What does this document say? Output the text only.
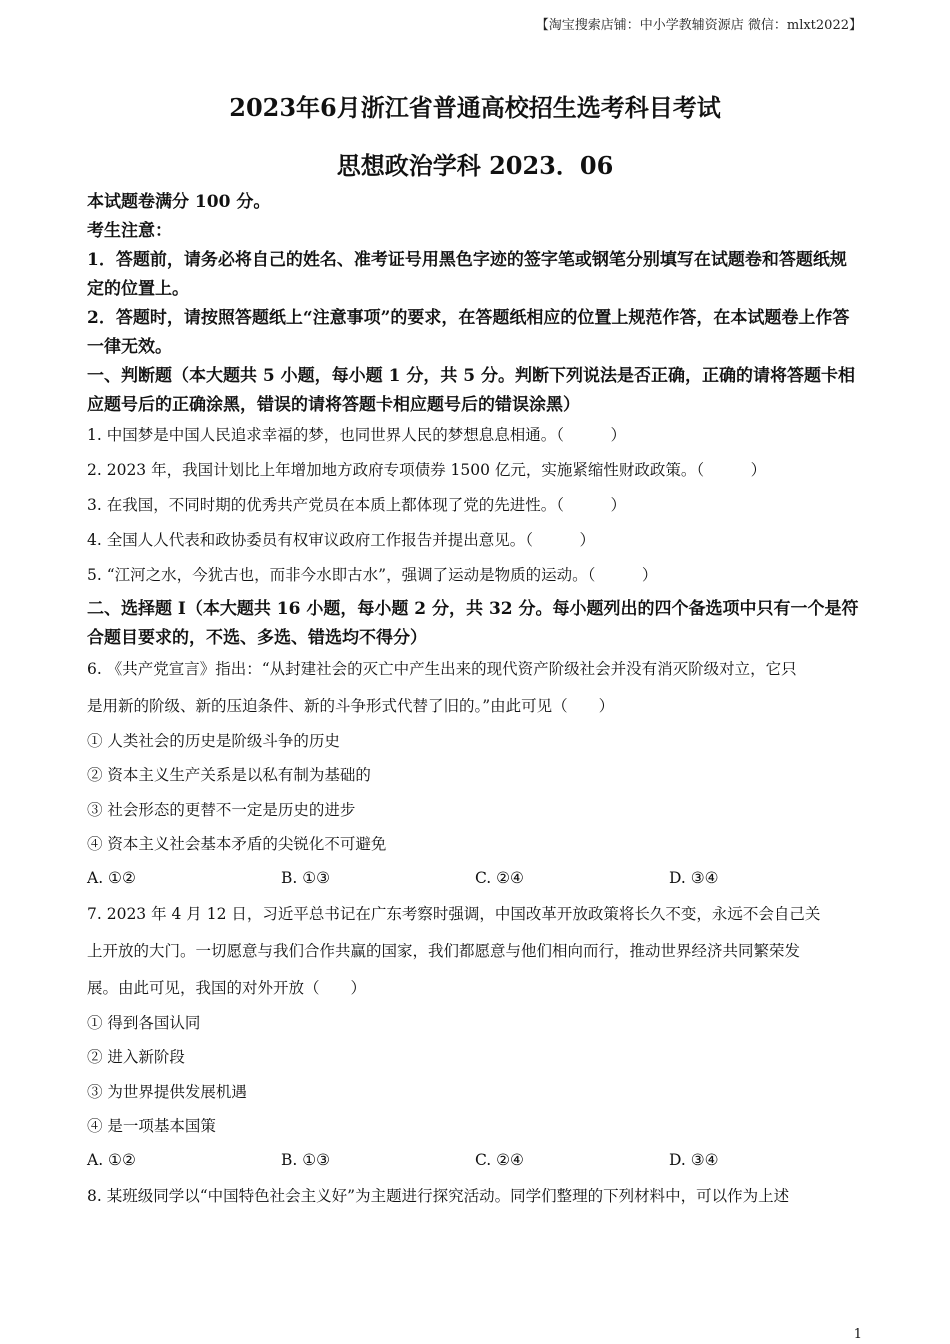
【淘宝搜索店铺：中小学教辅资源店 微信：mlxt2022】
2023年6月浙江省普通高校招生选考科目考试
思想政治学科 2023．06
本试题卷满分 100 分。
考生注意：
1．答题前，请务必将自己的姓名、准考证号用黑色字迹的签字笔或钢笔分别填写在试题卷和答题纸规定的位置上。
2．答题时，请按照答题纸上“注意事项”的要求，在答题纸相应的位置上规范作答，在本试题卷上作答一律无效。
一、判断题（本大题共 5 小题，每小题 1 分，共 5 分。判断下列说法是否正确，正确的请将答题卡相应题号后的正确涂黑，错误的请将答题卡相应题号后的错误涂黑）
1. 中国梦是中国人民追求幸福的梦，也同世界人民的梦想息息相通。（　　　）
2. 2023 年，我国计划比上年增加地方政府专项债券 1500 亿元，实施紧缩性财政政策。（　　　）
3. 在我国，不同时期的优秀共产党员在本质上都体现了党的先进性。（　　　）
4. 全国人人代表和政协委员有权审议政府工作报告并提出意见。（　　　）
5. “江河之水，今犹古也，而非今水即古水”，强调了运动是物质的运动。（　　　）
二、选择题 I（本大题共 16 小题，每小题 2 分，共 32 分。每小题列出的四个备选项中只有一个是符合题目要求的，不选、多选、错选均不得分）
6. 《共产党宣言》指出：“从封建社会的灭亡中产生出来的现代资产阶级社会并没有消灭阶级对立，它只
是用新的阶级、新的压迫条件、新的斗争形式代替了旧的。”由此可见（　　）
① 人类社会的历史是阶级斗争的历史
② 资本主义生产关系是以私有制为基础的
③ 社会形态的更替不一定是历史的进步
④ 资本主义社会基本矛盾的尖锐化不可避免
A. ①②	B. ①③	C. ②④	D. ③④
7. 2023 年 4 月 12 日，习近平总书记在广东考察时强调，中国改革开放政策将长久不变，永远不会自己关
上开放的大门。一切愿意与我们合作共赢的国家，我们都愿意与他们相向而行，推动世界经济共同繁荣发
展。由此可见，我国的对外开放（　　）
① 得到各国认同
② 进入新阶段
③ 为世界提供发展机遇
④ 是一项基本国策
A. ①②	B. ①③	C. ②④	D. ③④
8. 某班级同学以“中国特色社会主义好”为主题进行探究活动。同学们整理的下列材料中，可以作为上述
1
